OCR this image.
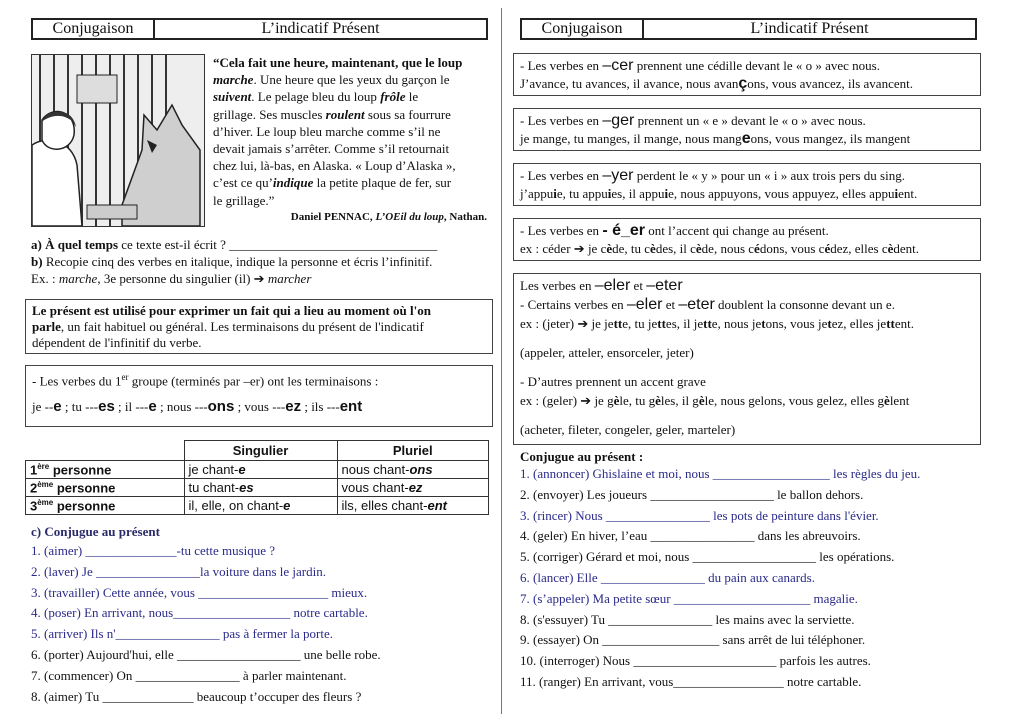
Conjugaison	L’indicatif Présent
“Cela fait une heure, maintenant, que le loup
marche. Une heure que les yeux du garçon le
suivent. Le pelage bleu du loup frôle le
grillage. Ses muscles roulent sous sa fourrure
d’hiver. Le loup bleu marche comme s’il ne
devait jamais s’arrêter. Comme s’il retournait
chez lui, là-bas, en Alaska. « Loup d’Alaska »,
c’est ce qu’indique la petite plaque de fer, sur
le grillage.”
Daniel PENNAC, L’OEil du loup, Nathan.
a) À quel temps ce texte est-il écrit ? ________________________________
b) Recopie cinq des verbes en italique, indique la personne et écris l’infinitif.
Ex. : marche, 3e personne du singulier (il) ➔ marcher
Le présent est utilisé pour exprimer un fait qui a lieu au moment où l'on
parle, un fait habituel ou général. Les terminaisons du présent de l'indicatif
dépendent de l'infinitif du verbe.
- Les verbes du 1er groupe (terminés par –er) ont les terminaisons :
je --e ; tu ---es ; il ---e ; nous ---ons ; vous ---ez ; ils ---ent
	Singulier	Pluriel
1ère personne	je chant-e	nous chant-ons
2ème personne	tu chant-es	vous chant-ez
3ème personne	il, elle, on chant-e	ils, elles chant-ent
c) Conjugue au présent
1. (aimer) ______________-tu cette musique ?
2. (laver) Je ________________la voiture dans le jardin.
3. (travailler) Cette année, vous ____________________ mieux.
4. (poser) En arrivant, nous__________________ notre cartable.
5. (arriver) Ils n'________________ pas à fermer la porte.
6. (porter) Aujourd'hui, elle ___________________ une belle robe.
7. (commencer) On ________________ à parler maintenant.
8. (aimer) Tu ______________ beaucoup t’occuper des fleurs ?
Conjugaison	L’indicatif Présent
- Les verbes en –cer prennent une cédille devant le « o » avec nous.
J’avance, tu avances, il avance, nous avançons, vous avancez, ils avancent.
- Les verbes en –ger prennent un « e » devant le « o » avec nous.
je mange, tu manges, il mange, nous mangeons, vous mangez, ils mangent
- Les verbes en –yer perdent le « y » pour un « i » aux trois pers du sing.
j’appuie, tu appuies, il appuie, nous appuyons, vous appuyez, elles appuient.
- Les verbes en - é_er ont l’accent qui change au présent.
ex : céder ➔ je cède, tu cèdes, il cède, nous cédons, vous cédez, elles cèdent.
Les verbes en –eler et –eter
- Certains verbes en –eler et –eter doublent la consonne devant un e.
ex : (jeter) ➔ je jette, tu jettes, il jette, nous jetons, vous jetez, elles jettent.
(appeler, atteler, ensorceler, jeter)
- D’autres prennent un accent grave
ex : (geler) ➔ je gèle, tu gèles, il gèle, nous gelons, vous gelez, elles gèlent
(acheter, fileter, congeler, geler, marteler)
Conjugue au présent :
1. (annoncer) Ghislaine et moi, nous __________________ les règles du jeu.
2. (envoyer) Les joueurs ___________________ le ballon dehors.
3. (rincer) Nous ________________ les pots de peinture dans l'évier.
4. (geler) En hiver, l’eau ________________ dans les abreuvoirs.
5. (corriger) Gérard et moi, nous ___________________ les opérations.
6. (lancer) Elle ________________ du pain aux canards.
7. (s’appeler) Ma petite sœur _____________________ magalie.
8. (s'essuyer) Tu ________________ les mains avec la serviette.
9. (essayer) On __________________ sans arrêt de lui téléphoner.
10. (interroger) Nous ______________________ parfois les autres.
11. (ranger) En arrivant, vous_________________ notre cartable.
